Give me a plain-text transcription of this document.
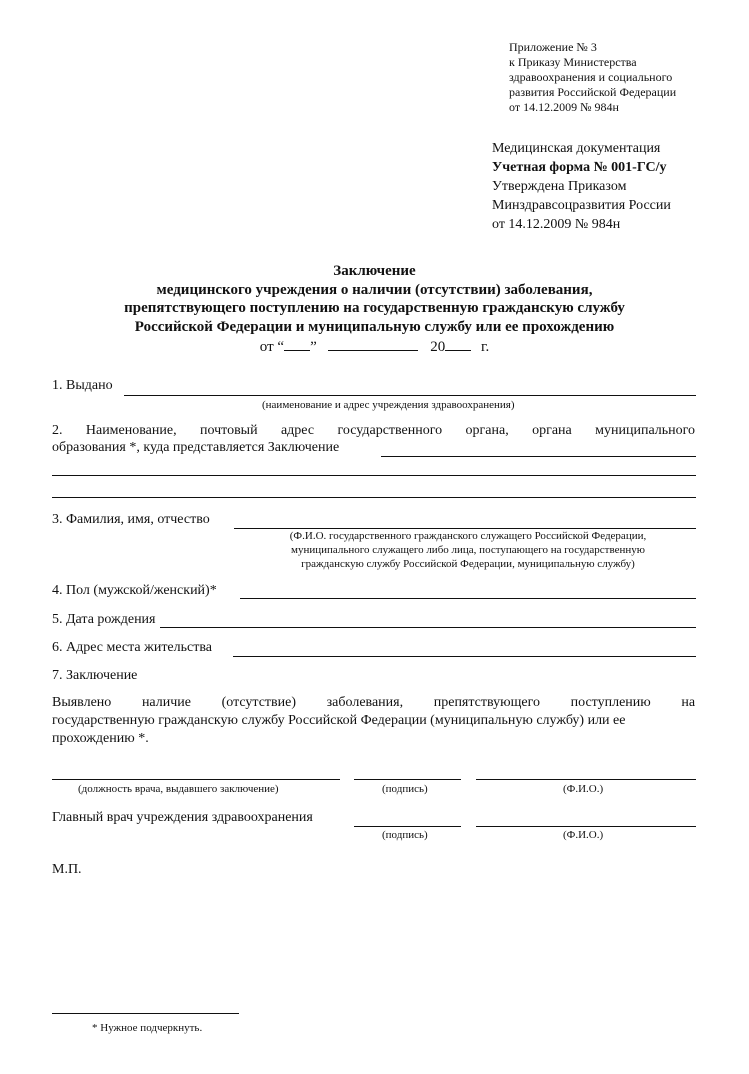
Приложение № 3
к Приказу Министерства
здравоохранения и социального
развития Российской Федерации
от 14.12.2009 № 984н
Медицинская документация
Учетная форма № 001-ГС/у
Утверждена Приказом
Минздравсоцразвития России
от 14.12.2009 № 984н
Заключение
медицинского учреждения о наличии (отсутствии) заболевания,
препятствующего поступлению на государственную гражданскую службу
Российской Федерации и муниципальную службу или ее прохождению
от “ ”	20 г.
1. Выдано
(наименование и адрес учреждения здравоохранения)
2. Наименование, почтовый адрес государственного органа, органа муниципального
образования *, куда представляется Заключение
3. Фамилия, имя, отчество
(Ф.И.О. государственного гражданского служащего Российской Федерации,
муниципального служащего либо лица, поступающего на государственную
гражданскую службу Российской Федерации, муниципальную службу)
4. Пол (мужской/женский)*
5. Дата рождения
6. Адрес места жительства
7. Заключение
Выявлено наличие (отсутствие) заболевания, препятствующего поступлению на
государственную гражданскую службу Российской Федерации (муниципальную службу) или ее
прохождению *.
(должность врача, выдавшего заключение)	(подпись)	(Ф.И.О.)
Главный врач учреждения здравоохранения
(подпись)	(Ф.И.О.)
М.П.
* Нужное подчеркнуть.
